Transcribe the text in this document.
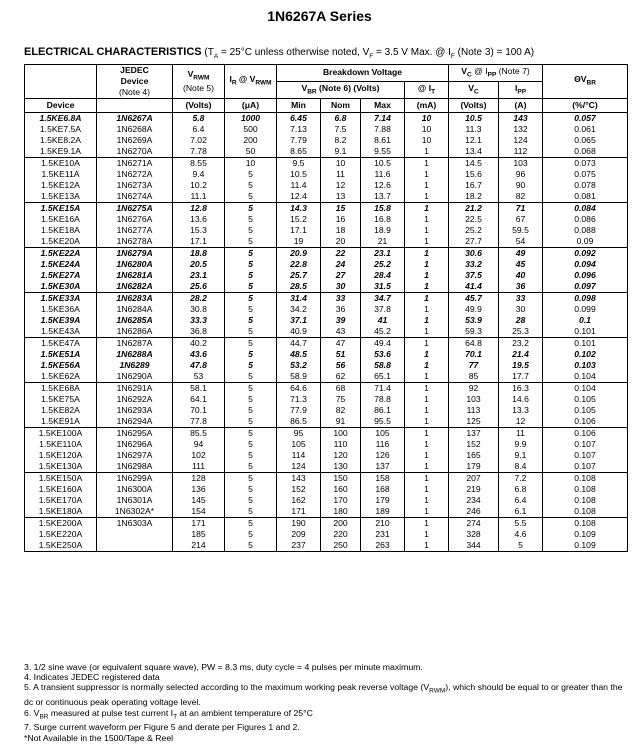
1N6267A Series
ELECTRICAL CHARACTERISTICS ($T_A = 25^\circ C$ unless otherwise noted, $V_F = 3.5$ V Max. @ $I_F$ (Note 3) = 100 A)
	JEDEC
Device
(Note 4)	$V_{RWM}$
(Note 5)	$I_R$ @ $V_{RWM}$	Breakdown Voltage				$V_C$ @ $I_{PP}$ (Note 7)		$\Theta V_{BR}$
				$V_{BR}$ (Note 6) (Volts)			@ $I_T$	$V_C$	$I_{PP}$
Device		(Volts)	(μA)	Min	Nom	Max	(mA)	(Volts)	(A)	(%/°C)
1.5KE6.8A	1N6267A	5.8	1000	6.45	6.8	7.14	10	10.5	143	0.057
1.5KE7.5A	1N6268A	6.4	500	7.13	7.5	7.88	10	11.3	132	0.061
1.5KE8.2A	1N6269A	7.02	200	7.79	8.2	8.61	10	12.1	124	0.065
1.5KE9.1A	1N6270A	7.78	50	8.65	9.1	9.55	1	13.4	112	0.068
1.5KE10A	1N6271A	8.55	10	9.5	10	10.5	1	14.5	103	0.073
1.5KE11A	1N6272A	9.4	5	10.5	11	11.6	1	15.6	96	0.075
1.5KE12A	1N6273A	10.2	5	11.4	12	12.6	1	16.7	90	0.078
1.5KE13A	1N6274A	11.1	5	12.4	13	13.7	1	18.2	82	0.081
1.5KE15A	1N6275A	12.8	5	14.3	15	15.8	1	21.2	71	0.084
1.5KE16A	1N6276A	13.6	5	15.2	16	16.8	1	22.5	67	0.086
1.5KE18A	1N6277A	15.3	5	17.1	18	18.9	1	25.2	59.5	0.088
1.5KE20A	1N6278A	17.1	5	19	20	21	1	27.7	54	0.09
1.5KE22A	1N6279A	18.8	5	20.9	22	23.1	1	30.6	49	0.092
1.5KE24A	1N6280A	20.5	5	22.8	24	25.2	1	33.2	45	0.094
1.5KE27A	1N6281A	23.1	5	25.7	27	28.4	1	37.5	40	0.096
1.5KE30A	1N6282A	25.6	5	28.5	30	31.5	1	41.4	36	0.097
1.5KE33A	1N6283A	28.2	5	31.4	33	34.7	1	45.7	33	0.098
1.5KE36A	1N6284A	30.8	5	34.2	36	37.8	1	49.9	30	0.099
1.5KE39A	1N6285A	33.3	5	37.1	39	41	1	53.9	28	0.1
1.5KE43A	1N6286A	36.8	5	40.9	43	45.2	1	59.3	25.3	0.101
1.5KE47A	1N6287A	40.2	5	44.7	47	49.4	1	64.8	23.2	0.101
1.5KE51A	1N6288A	43.6	5	48.5	51	53.6	1	70.1	21.4	0.102
1.5KE56A	1N6289	47.8	5	53.2	56	58.8	1	77	19.5	0.103
1.5KE62A	1N6290A	53	5	58.9	62	65.1	1	85	17.7	0.104
1.5KE68A	1N6291A	58.1	5	64.6	68	71.4	1	92	16.3	0.104
1.5KE75A	1N6292A	64.1	5	71.3	75	78.8	1	103	14.6	0.105
1.5KE82A	1N6293A	70.1	5	77.9	82	86.1	1	113	13.3	0.105
1.5KE91A	1N6294A	77.8	5	86.5	91	95.5	1	125	12	0.106
1.5KE100A	1N6295A	85.5	5	95	100	105	1	137	11	0.106
1.5KE110A	1N6296A	94	5	105	110	116	1	152	9.9	0.107
1.5KE120A	1N6297A	102	5	114	120	126	1	165	9.1	0.107
1.5KE130A	1N6298A	111	5	124	130	137	1	179	8.4	0.107
1.5KE150A	1N6299A	128	5	143	150	158	1	207	7.2	0.108
1.5KE160A	1N6300A	136	5	152	160	168	1	219	6.8	0.108
1.5KE170A	1N6301A	145	5	162	170	179	1	234	6.4	0.108
1.5KE180A	1N6302A*	154	5	171	180	189	1	246	6.1	0.108
1.5KE200A	1N6303A	171	5	190	200	210	1	274	5.5	0.108
1.5KE220A		185	5	209	220	231	1	328	4.6	0.109
1.5KE250A		214	5	237	250	263	1	344	5	0.109
3. 1/2 sine wave (or equivalent square wave), PW = 8.3 ms, duty cycle = 4 pulses per minute maximum.
4. Indicates JEDEC registered data
5. A transient suppressor is normally selected according to the maximum working peak reverse voltage $(V_{RWM})$, which should be equal to or greater than the dc or continuous peak operating voltage level.
6. $V_{BR}$ measured at pulse test current $I_T$ at an ambient temperature of 25°C
7. Surge current waveform per Figure 5 and derate per Figures 1 and 2.
*Not Available in the 1500/Tape & Reel
